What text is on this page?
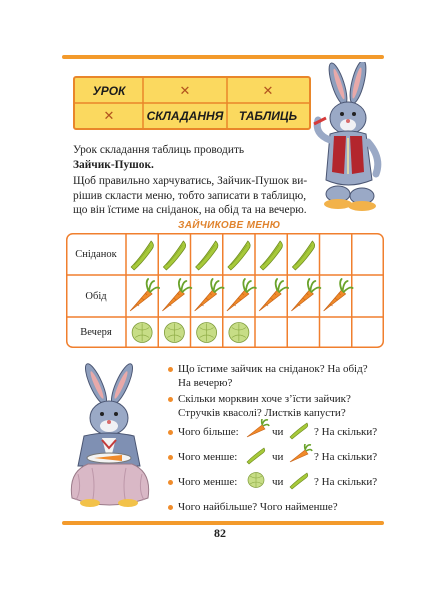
УРОК	✕	✕
✕	СКЛАДАННЯ	ТАБЛИЦЬ
Урок складання таблиць проводить
Зайчик-Пушок.
Щоб правильно харчуватись, Зайчик-Пушок ви-
рішив скласти меню, тобто записати в таблицю,
що він їстиме на сніданок, на обід та на вечерю.
ЗАЙЧИКОВЕ МЕНЮ
Сніданок
Обід
Вечеря
Що їстиме зайчик на сніданок? На обід?
На вечерю?
Скільки морквин хоче з’їсти зайчик?
Стручків квасолі? Листків капусти?
Чого більше:	чи	? На скільки?
Чого менше:	чи	? На скільки?
Чого менше:	чи	? На скільки?
Чого найбільше? Чого найменше?
82
